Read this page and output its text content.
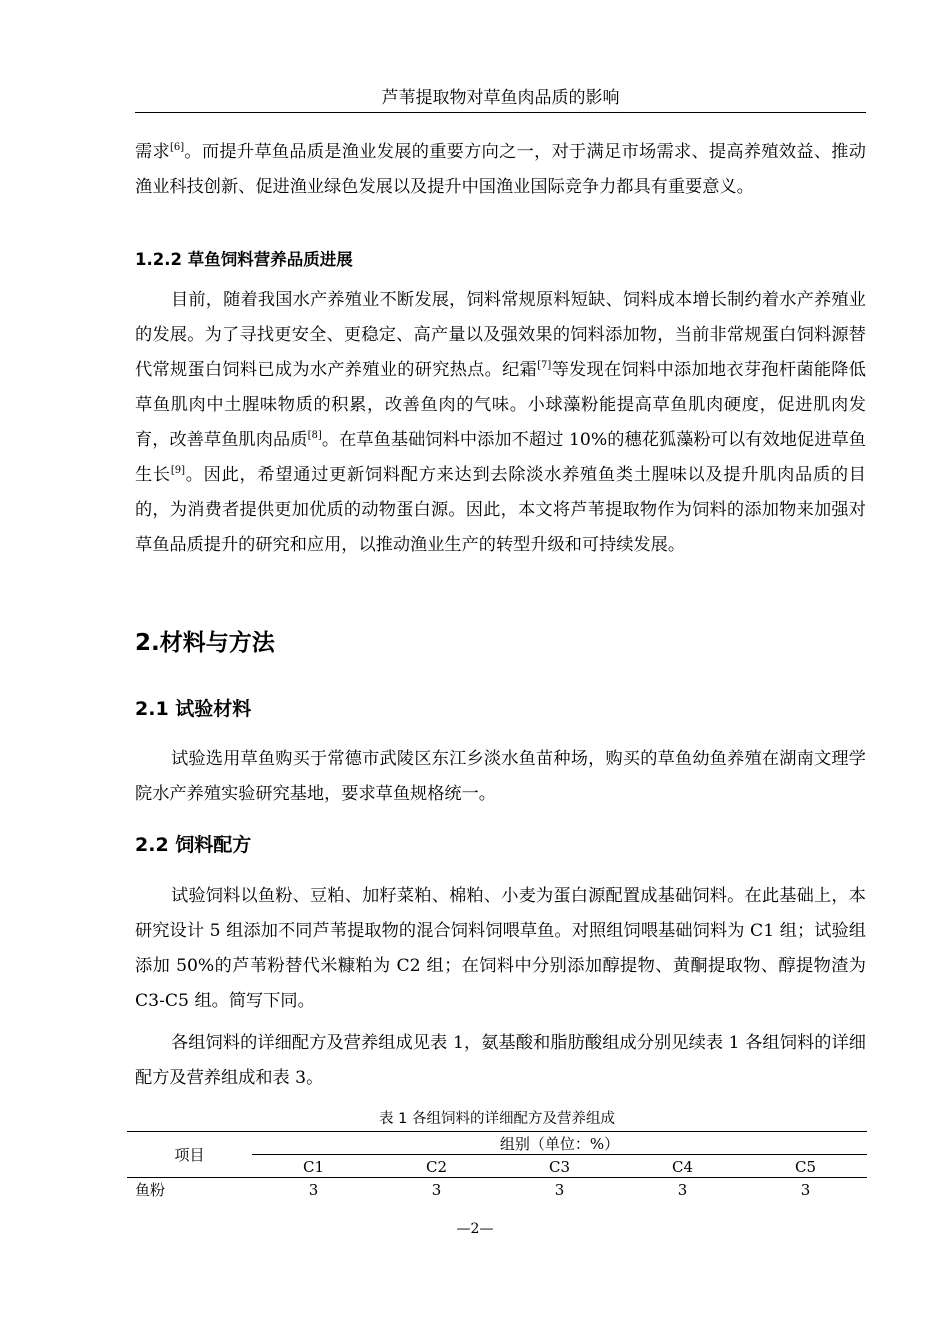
芦苇提取物对草鱼肉品质的影响

需求[6]。而提升草鱼品质是渔业发展的重要方向之一，对于满足市场需求、提高养殖效益、推动渔业科技创新、促进渔业绿色发展以及提升中国渔业国际竞争力都具有重要意义。

1.2.2 草鱼饲料营养品质进展

目前，随着我国水产养殖业不断发展，饲料常规原料短缺、饲料成本增长制约着水产养殖业的发展。为了寻找更安全、更稳定、高产量以及强效果的饲料添加物，当前非常规蛋白饲料源替代常规蛋白饲料已成为水产养殖业的研究热点。纪霜[7]等发现在饲料中添加地衣芽孢杆菌能降低草鱼肌肉中土腥味物质的积累，改善鱼肉的气味。小球藻粉能提高草鱼肌肉硬度，促进肌肉发育，改善草鱼肌肉品质[8]。在草鱼基础饲料中添加不超过 10%的穗花狐藻粉可以有效地促进草鱼生长[9]。因此，希望通过更新饲料配方来达到去除淡水养殖鱼类土腥味以及提升肌肉品质的目的，为消费者提供更加优质的动物蛋白源。因此，本文将芦苇提取物作为饲料的添加物来加强对草鱼品质提升的研究和应用，以推动渔业生产的转型升级和可持续发展。

2.材料与方法
2.1 试验材料

试验选用草鱼购买于常德市武陵区东江乡淡水鱼苗种场，购买的草鱼幼鱼养殖在湖南文理学院水产养殖实验研究基地，要求草鱼规格统一。

2.2 饲料配方

试验饲料以鱼粉、豆粕、加籽菜粕、棉粕、小麦为蛋白源配置成基础饲料。在此基础上，本研究设计 5 组添加不同芦苇提取物的混合饲料饲喂草鱼。对照组饲喂基础饲料为 C1 组；试验组添加 50%的芦苇粉替代米糠粕为 C2 组；在饲料中分别添加醇提物、黄酮提取物、醇提物渣为 C3-C5 组。简写下同。

各组饲料的详细配方及营养组成见表 1，氨基酸和脂肪酸组成分别见续表 1 各组饲料的详细配方及营养组成和表 3。

表 1 各组饲料的详细配方及营养组成
项目
组别（单位：%）
C1	C2	C3	C4	C5
鱼粉	3	3	3	3	3
—2—
